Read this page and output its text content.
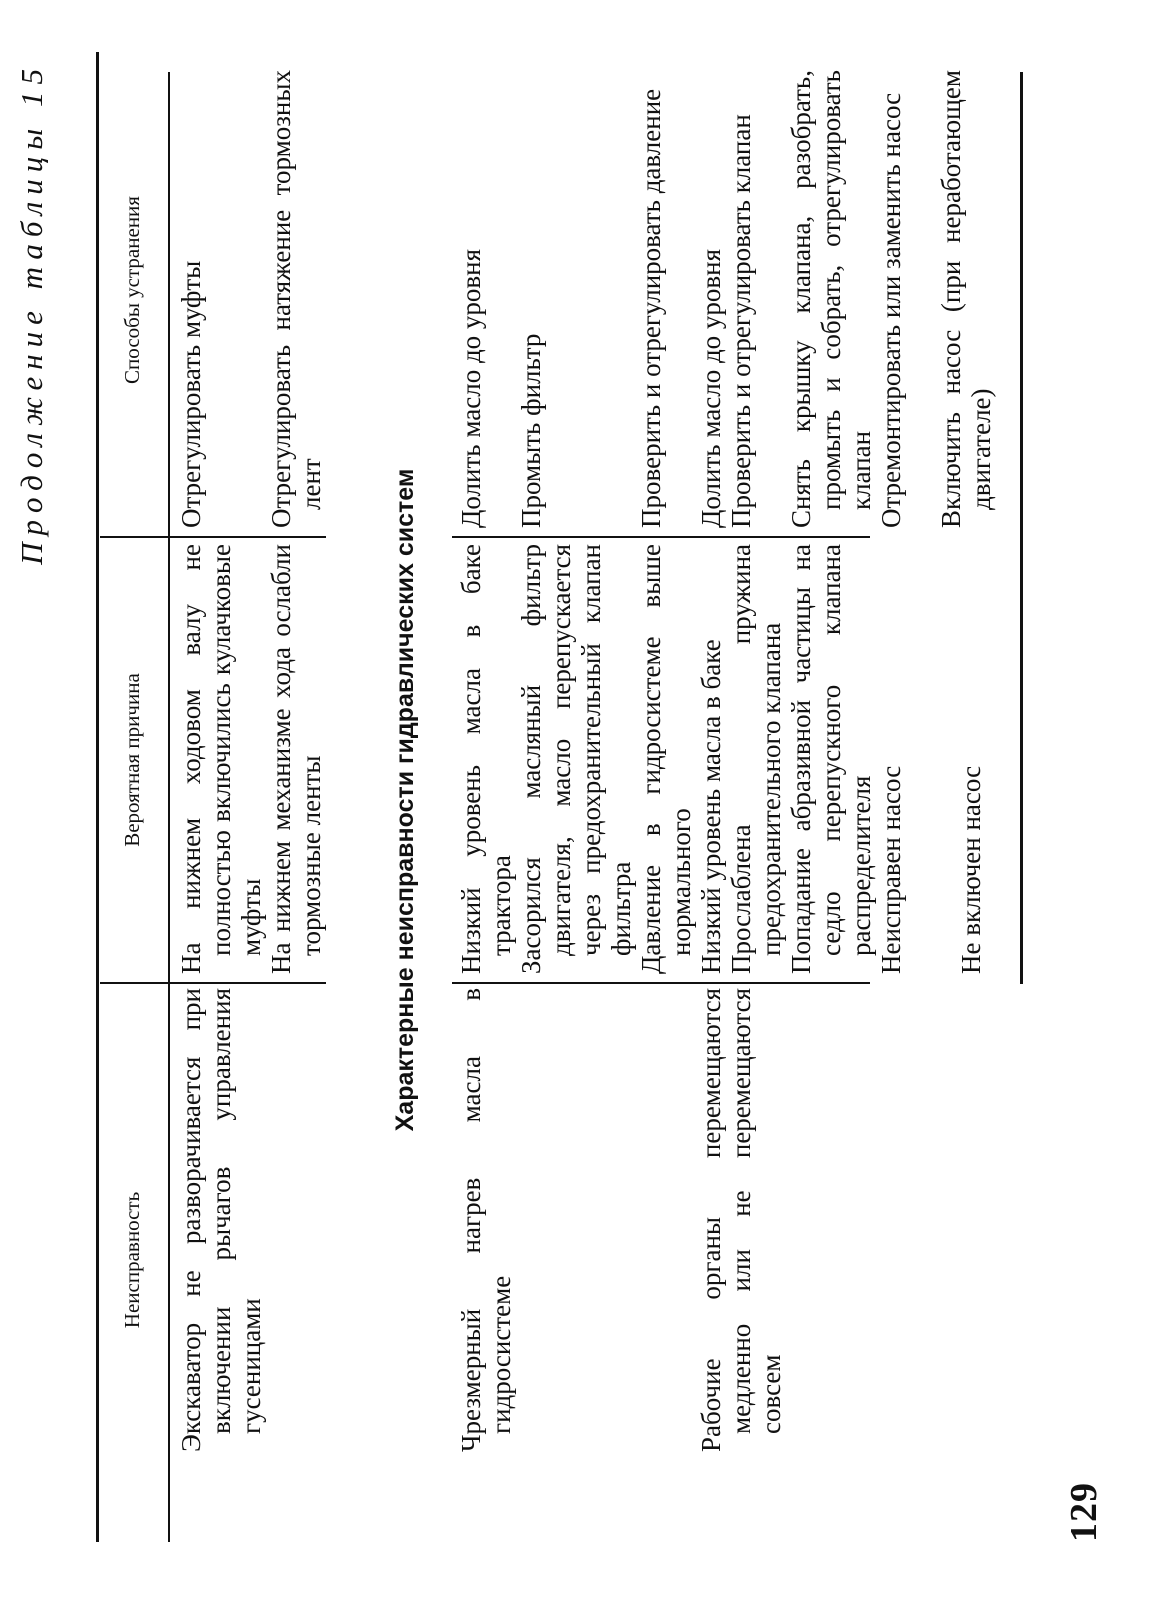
Продолжение таблицы 15
Неисправность
Вероятная причина
Способы устранения
Экскаватор не разворачивается при включении рычагов управления гусеницами
На нижнем ходовом валу не полностью включились кулачковые муфты На нижнем механизме хода ослабли тормозные ленты
Отрегулировать муфты Отрегулировать натяжение тормозных лент	Характерные неисправности гидравлических систем
Чрезмерный нагрев масла в гидросистеме
Низкий уровень масла в баке трактора Засорился масляный фильтр двигателя, масло перепускается через предохранительный клапан фильтра Давление в гидросистеме выше нормального
Долить масло до уровня Промыть фильтр	Проверить и отрегулировать давление
Рабочие органы перемещаются медленно или не перемещаются совсем
Низкий уровень масла в баке Прослаблена пружина предохранительного клапана Попадание абразивной частицы на седло перепускного клапана распределителя Неисправен насос Не включен насос
Долить масло до уровня Проверить и отрегулировать клапан Снять крышку клапана, разобрать, промыть и собрать, отрегулировать клапан Отремонтировать или заменить насос Включить насос (при неработающем двигателе)
129
